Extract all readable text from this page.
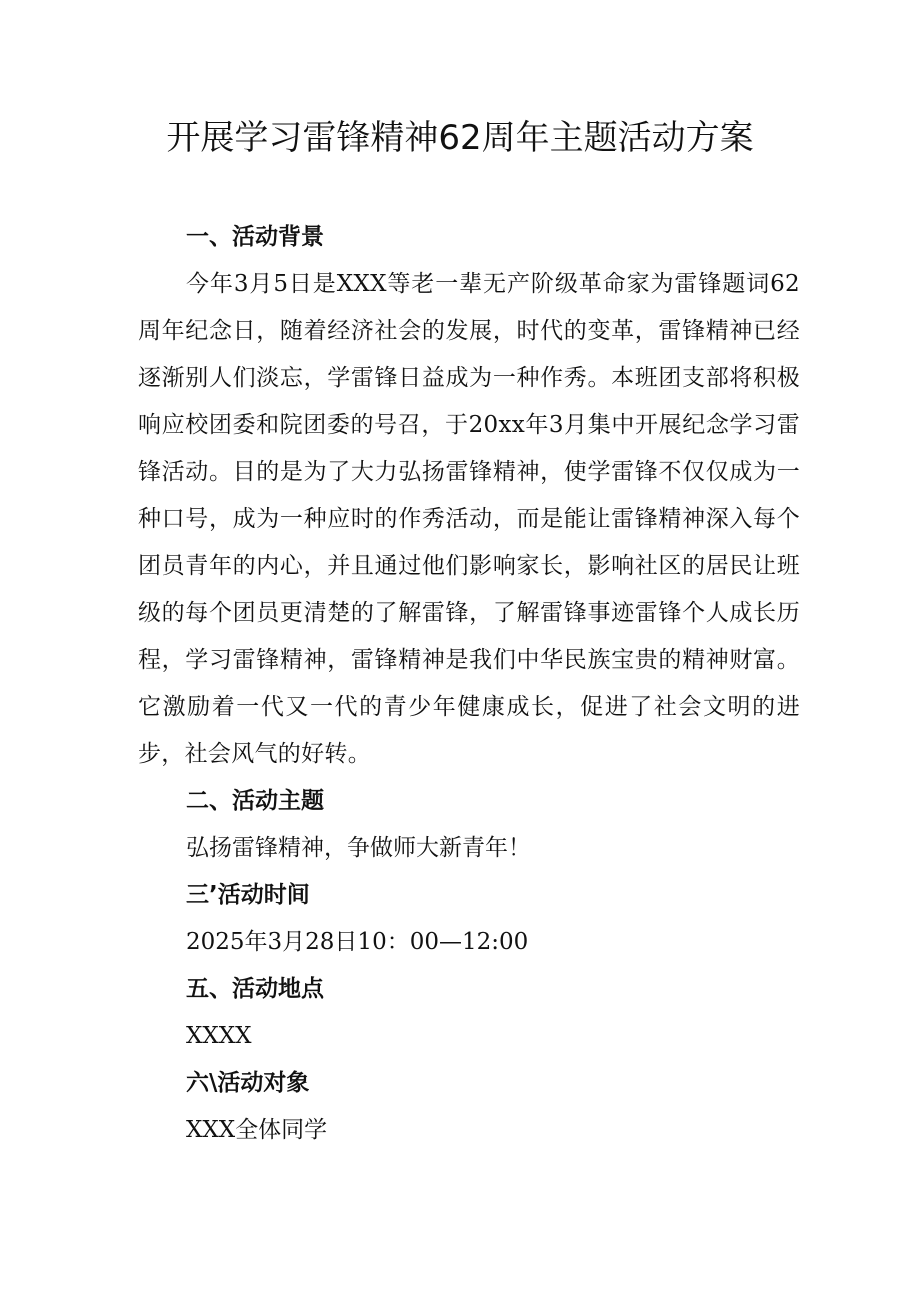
开展学习雷锋精神62周年主题活动方案

一、活动背景

今年3月5日是XXX等老一辈无产阶级革命家为雷锋题词62周年纪念日，随着经济社会的发展，时代的变革，雷锋精神已经逐渐别人们淡忘，学雷锋日益成为一种作秀。本班团支部将积极响应校团委和院团委的号召，于20xx年3月集中开展纪念学习雷锋活动。目的是为了大力弘扬雷锋精神，使学雷锋不仅仅成为一种口号，成为一种应时的作秀活动，而是能让雷锋精神深入每个团员青年的内心，并且通过他们影响家长，影响社区的居民让班级的每个团员更清楚的了解雷锋，了解雷锋事迹雷锋个人成长历程，学习雷锋精神，雷锋精神是我们中华民族宝贵的精神财富。它激励着一代又一代的青少年健康成长，促进了社会文明的进步，社会风气的好转。

二、活动主题

弘扬雷锋精神，争做师大新青年！

三’活动时间

2025年3月28日10：00—12:00

五、活动地点

XXXX

六\活动对象

XXX全体同学
